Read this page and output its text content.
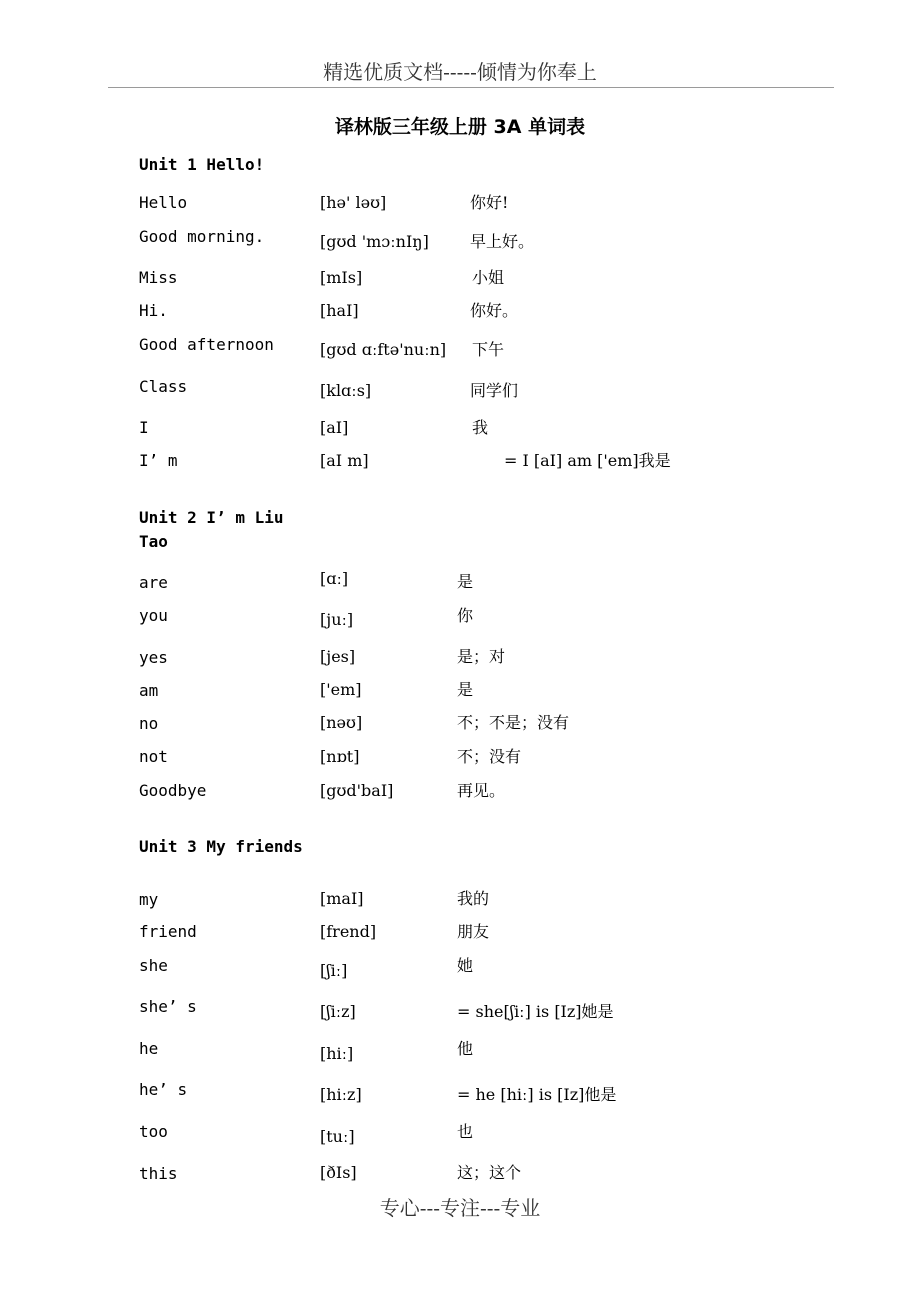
精选优质文档-----倾情为你奉上
译林版三年级上册 3A 单词表
Unit 1 Hello!
Hello	[hə' ləʊ]	你好!
Good morning.	[gʊd 'mɔːnIŋ]	早上好。
Miss	[mIs]	小姐
Hi.	[haI]	你好。
Good afternoon	[gʊd ɑːftə'nuːn] 下午
Class	[klɑːs]	同学们
I	[aI]	我
I’ m	[aI m]	= I [aI] am ['em]我是
Unit 2 I’ m Liu
Tao
are	[ɑː]	是
you	[juː]	你
yes	[jes]	是；对
am	['em]	是
no	[nəʊ]	不；不是；没有
not	[nɒt]	不；没有
Goodbye	[gʊd'baI]	再见。
Unit 3 My friends
my	[maI]	我的
friend	[frend]	朋友
she	[ʃiː]	她
she’ s	[ʃiːz]	= she[ʃiː] is [Iz]她是
he	[hiː]	他
he’ s	[hiːz]	= he [hiː] is [Iz]他是
too	[tuː]	也
this	[ðIs]	这；这个
专心---专注---专业
